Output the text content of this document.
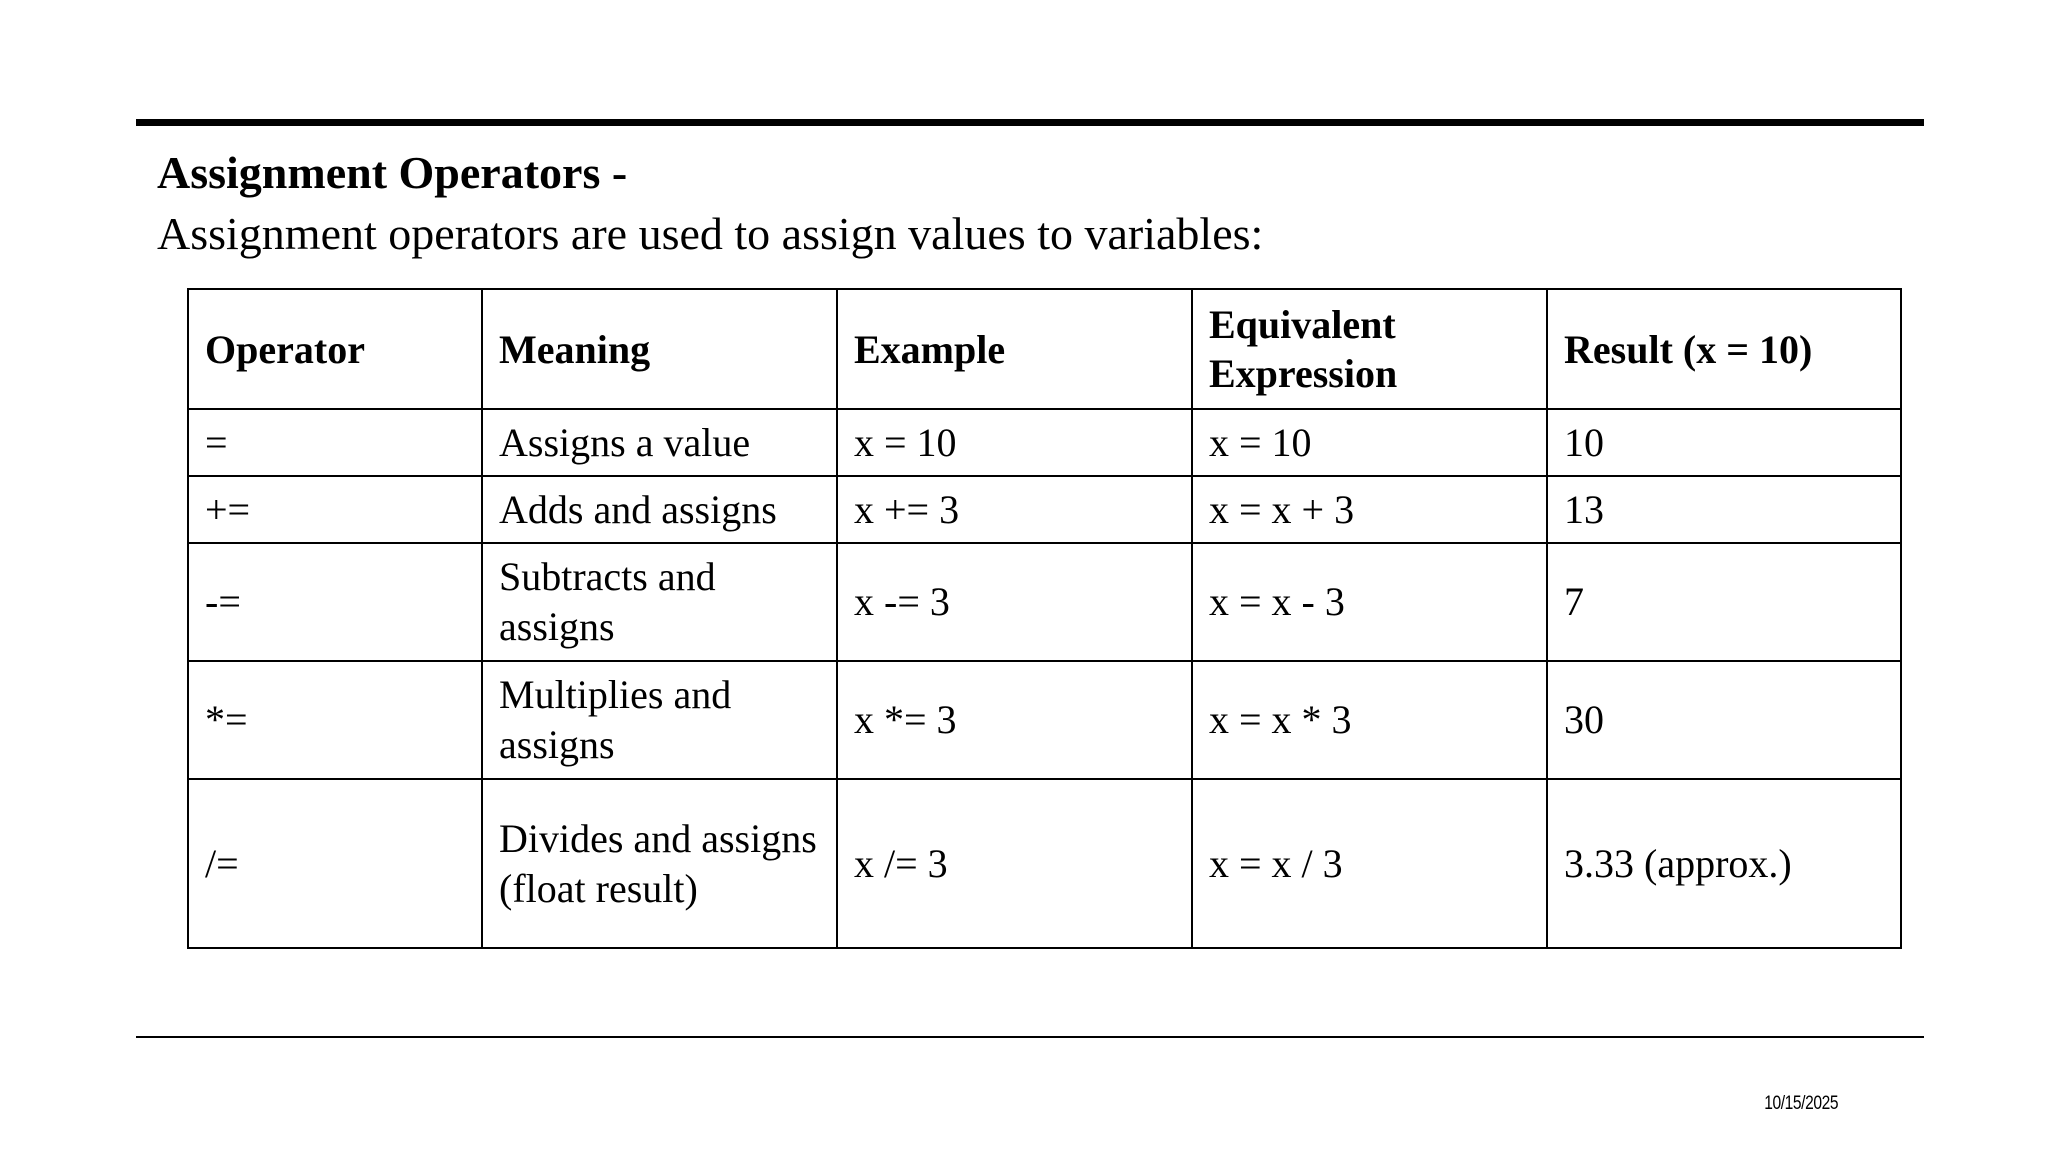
Assignment Operators -

Assignment operators are used to assign values to variables:

Operator	Meaning	Example	Equivalent Expression	Result (x = 10)
=	Assigns a value	x = 10	x = 10	10
+=	Adds and assigns	x += 3	x = x + 3	13
-=	Subtracts and assigns	x -= 3	x = x - 3	7
*=	Multiplies and assigns	x *= 3	x = x * 3	30
/=	Divides and assigns (float result)	x /= 3	x = x / 3	3.33 (approx.)
10/15/2025
